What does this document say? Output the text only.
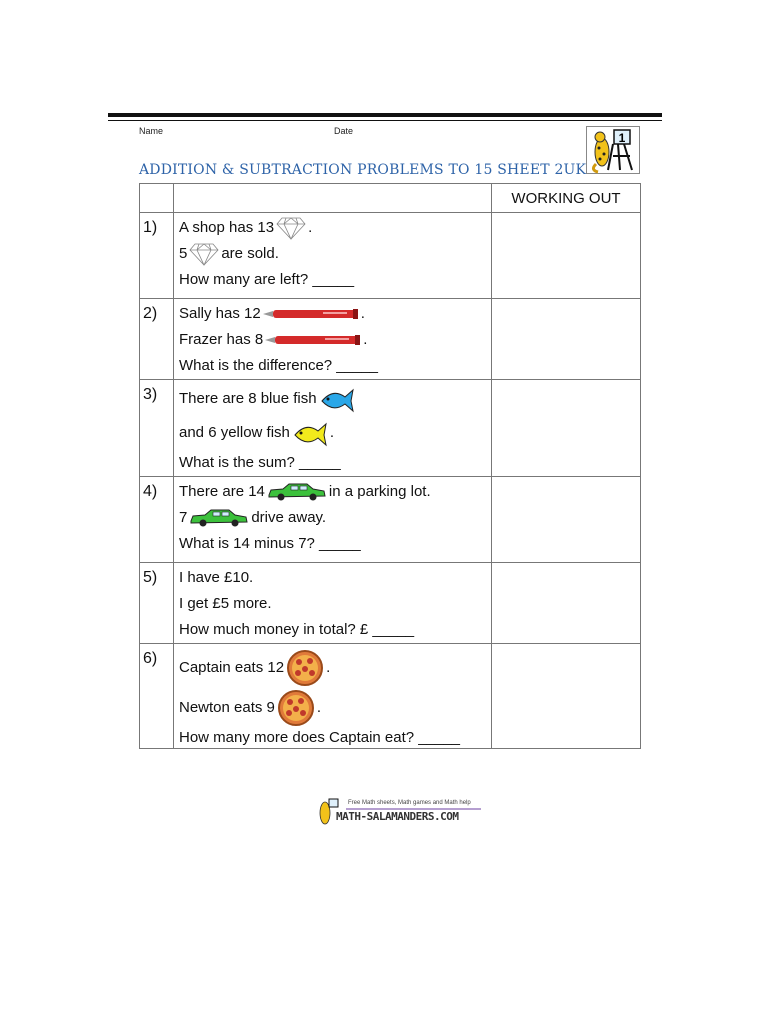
Name	Date	1
ADDITION & SUBTRACTION PROBLEMS TO 15 SHEET 2UK
		WORKING OUT
1)	A shop has 13 .
5 are sold.
How many are left? _____	

2)	Sally has 12 .
Frazer has 8 .
What is the difference? _____	

3)	There are 8 blue fish
and 6 yellow fish .
What is the sum? _____	

4)	There are 14 in a parking lot.
7 drive away.
What is 14 minus 7? _____	

5)	I have £10.
I get £5 more.
How much money in total? £ _____	

6)	Captain eats 12 .
Newton eats 9 .
How many more does Captain eat? _____	

Free Math sheets, Math games and Math help
MATH-SALAMANDERS.COM
